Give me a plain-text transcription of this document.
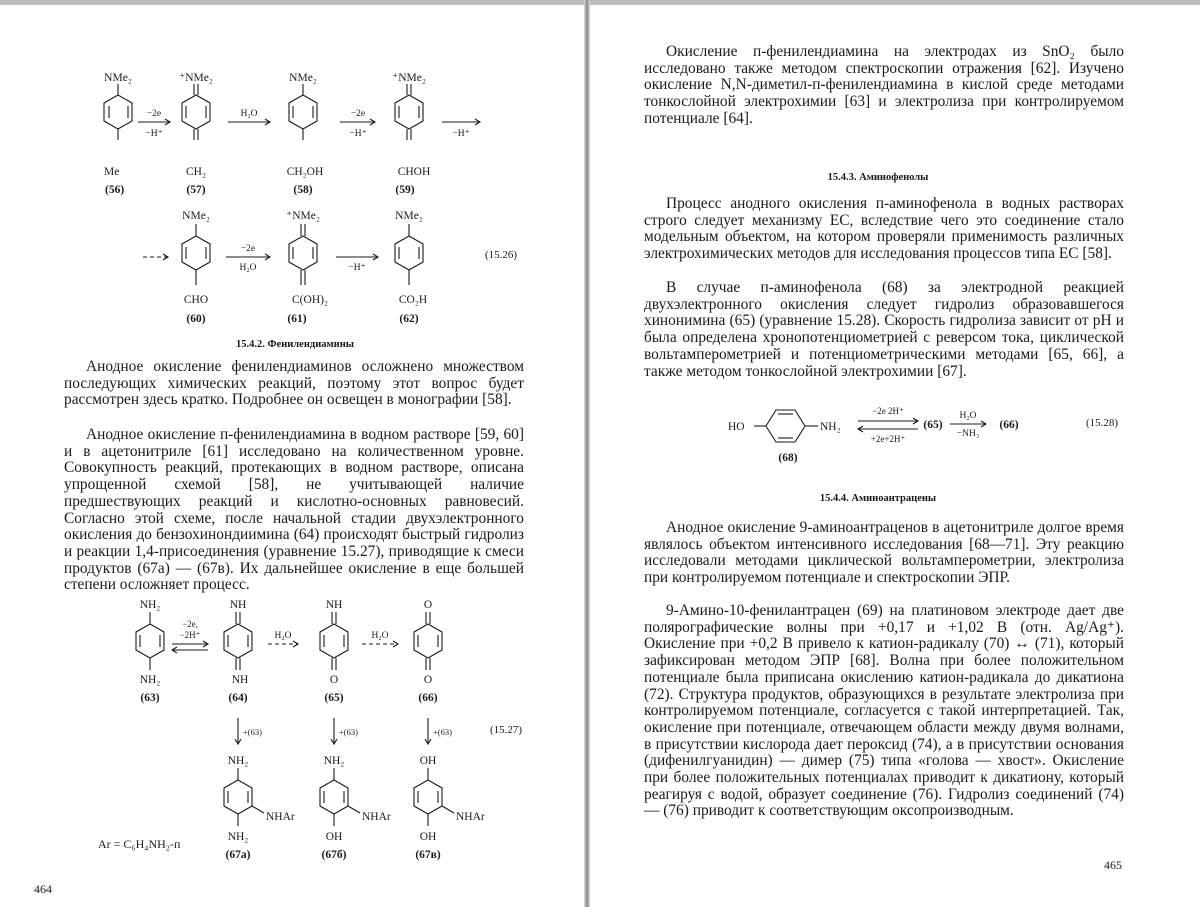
NMe₂	⁺NMe₂	NMe₂	⁺NMe₂
Me	CH₂	CH₂OH	CHOH
(56)	(57)	(58)	(59)
−2e
−H⁺
H₂O	−2e
−H⁺	−H⁺
NMe₂	⁺NMe₂	NMe₂
CHO	C(OH)₂	CO₂H
(60)	(61)	(62)
−2e
H₂O	−H⁺
(15.26)
15.4.2. Фенилендиамины

Анодное окисление фенилендиаминов осложнено множеством последующих химических реакций, поэтому этот вопрос будет рассмотрен здесь кратко. Подробнее он освещен в монографии [58].

Анодное окисление п-фенилендиамина в водном растворе [59, 60] и в ацетонитриле [61] исследовано на количественном уровне. Совокупность реакций, протекающих в водном растворе, описана упрощенной схемой [58], не учитывающей наличие предшествующих реакций и кислотно-основных равновесий. Согласно этой схеме, после начальной стадии двухэлектронного окисления до бензохинондиимина (64) происходят быстрый гидролиз и реакции 1,4-присоединения (уравнение 15.27), приводящие к смеси продуктов (67а) — (67в). Их дальнейшее окисление в еще большей степени осложняет процесс.

NH₂	NH	NH	O
NH₂	NH	O	O
(63)	(64)	(65)	(66)
−2e,
−2H⁺	H₂O	H₂O
+(63)	+(63)	+(63)	(15.27)
NH₂	NH₂	OH
NHAr	NHAr	NHAr
NH₂	OH	OH
(67а)	(67б)	(67в)
Ar = C₆H₄NH₂-п
464

Окисление п-фенилендиамина на электродах из SnO₂ было исследовано также методом спектроскопии отражения [62]. Изучено окисление N,N-диметил-п-фенилендиамина в кислой среде методами тонкослойной электрохимии [63] и электролиза при контролируемом потенциале [64].

15.4.3. Аминофенолы

Процесс анодного окисления п-аминофенола в водных растворах строго следует механизму EC, вследствие чего это соединение стало модельным объектом, на котором проверяли применимость различных электрохимических методов для исследования процессов типа EC [58].

В случае п-аминофенола (68) за электродной реакцией двухэлектронного окисления следует гидролиз образовавшегося хинонимина (65) (уравнение 15.28). Скорость гидролиза зависит от pH и была определена хронопотенциометрией с реверсом тока, циклической вольтамперометрией и потенциометрическими методами [65, 66], а также методом тонкослойной электрохимии [67].

HO	NH₂
−2e 2H⁺
+2e+2H⁺
(65)
H₂O
−NH₃
(66)
(68)
(15.28)
15.4.4. Аминоантрацены

Анодное окисление 9-аминоантраценов в ацетонитриле долгое время являлось объектом интенсивного исследования [68—71]. Эту реакцию исследовали методами циклической вольтамперометрии, электролиза при контролируемом потенциале и спектроскопии ЭПР.

9-Амино-10-фенилантрацен (69) на платиновом электроде дает две полярографические волны при +0,17 и +1,02 В (отн. Ag/Ag⁺). Окисление при +0,2 В привело к катион-радикалу (70) ↔ (71), который зафиксирован методом ЭПР [68]. Волна при более положительном потенциале была приписана окислению катион-радикала до дикатиона (72). Структура продуктов, образующихся в результате электролиза при контролируемом потенциале, согласуется с такой интерпретацией. Так, окисление при потенциале, отвечающем области между двумя волнами, в присутствии кислорода дает пероксид (74), а в присутствии основания (дифенилгуанидин) — димер (75) типа «голова — хвост». Окисление при более положительных потенциалах приводит к дикатиону, который реагируя с водой, образует соединение (76). Гидролиз соединений (74) — (76) приводит к соответствующим оксопроизводным.

465
